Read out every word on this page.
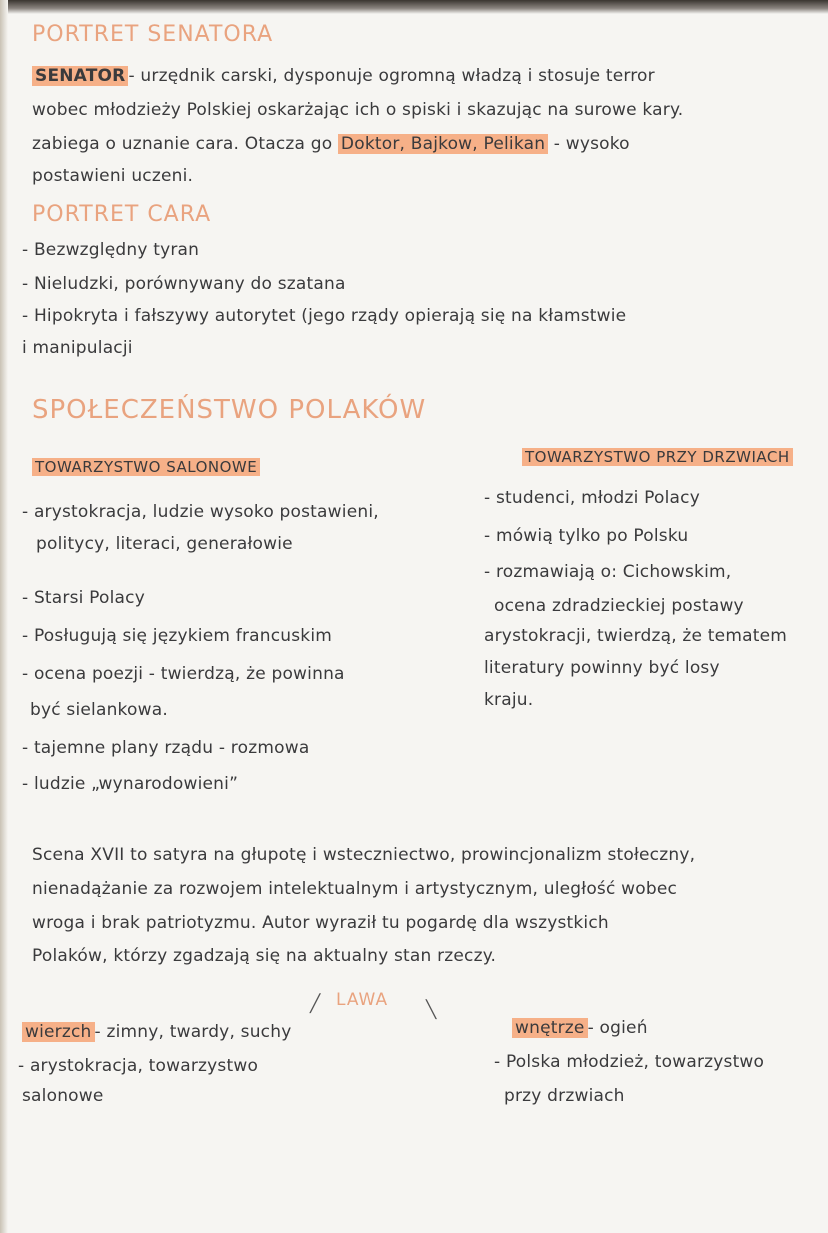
PORTRET SENATORA
SENATOR - urzędnik carski, dysponuje ogromną władzą i stosuje terror
wobec młodzieży Polskiej oskarżając ich o spiski i skazując na surowe kary.
zabiega o uznanie cara. Otacza go Doktor, Bajkow, Pelikan - wysoko
postawieni uczeni.
PORTRET CARA
- Bezwzględny tyran
- Nieludzki, porównywany do szatana
- Hipokryta i fałszywy autorytet (jego rządy opierają się na kłamstwie
i manipulacji
SPOŁECZEŃSTWO POLAKÓW
TOWARZYSTWO SALONOWE
TOWARZYSTWO PRZY DRZWIACH
- arystokracja, ludzie wysoko postawieni,
politycy, literaci, generałowie
- Starsi Polacy
- Posługują się językiem francuskim
- ocena poezji - twierdzą, że powinna
być sielankowa.
- tajemne plany rządu - rozmowa
- ludzie „wynarodowieni”
- studenci, młodzi Polacy
- mówią tylko po Polsku
- rozmawiają o: Cichowskim,
ocena zdradzieckiej postawy
arystokracji, twierdzą, że tematem
literatury powinny być losy
kraju.
Scena XVII to satyra na głupotę i wsteczniectwo, prowincjonalizm stołeczny,
nienadążanie za rozwojem intelektualnym i artystycznym, uległość wobec
wroga i brak patriotyzmu. Autor wyraził tu pogardę dla wszystkich
Polaków, którzy zgadzają się na aktualny stan rzeczy.
LAWA
╱	╲
wierzch - zimny, twardy, suchy
- arystokracja, towarzystwo
salonowe
wnętrze - ogień
- Polska młodzież, towarzystwo
przy drzwiach
